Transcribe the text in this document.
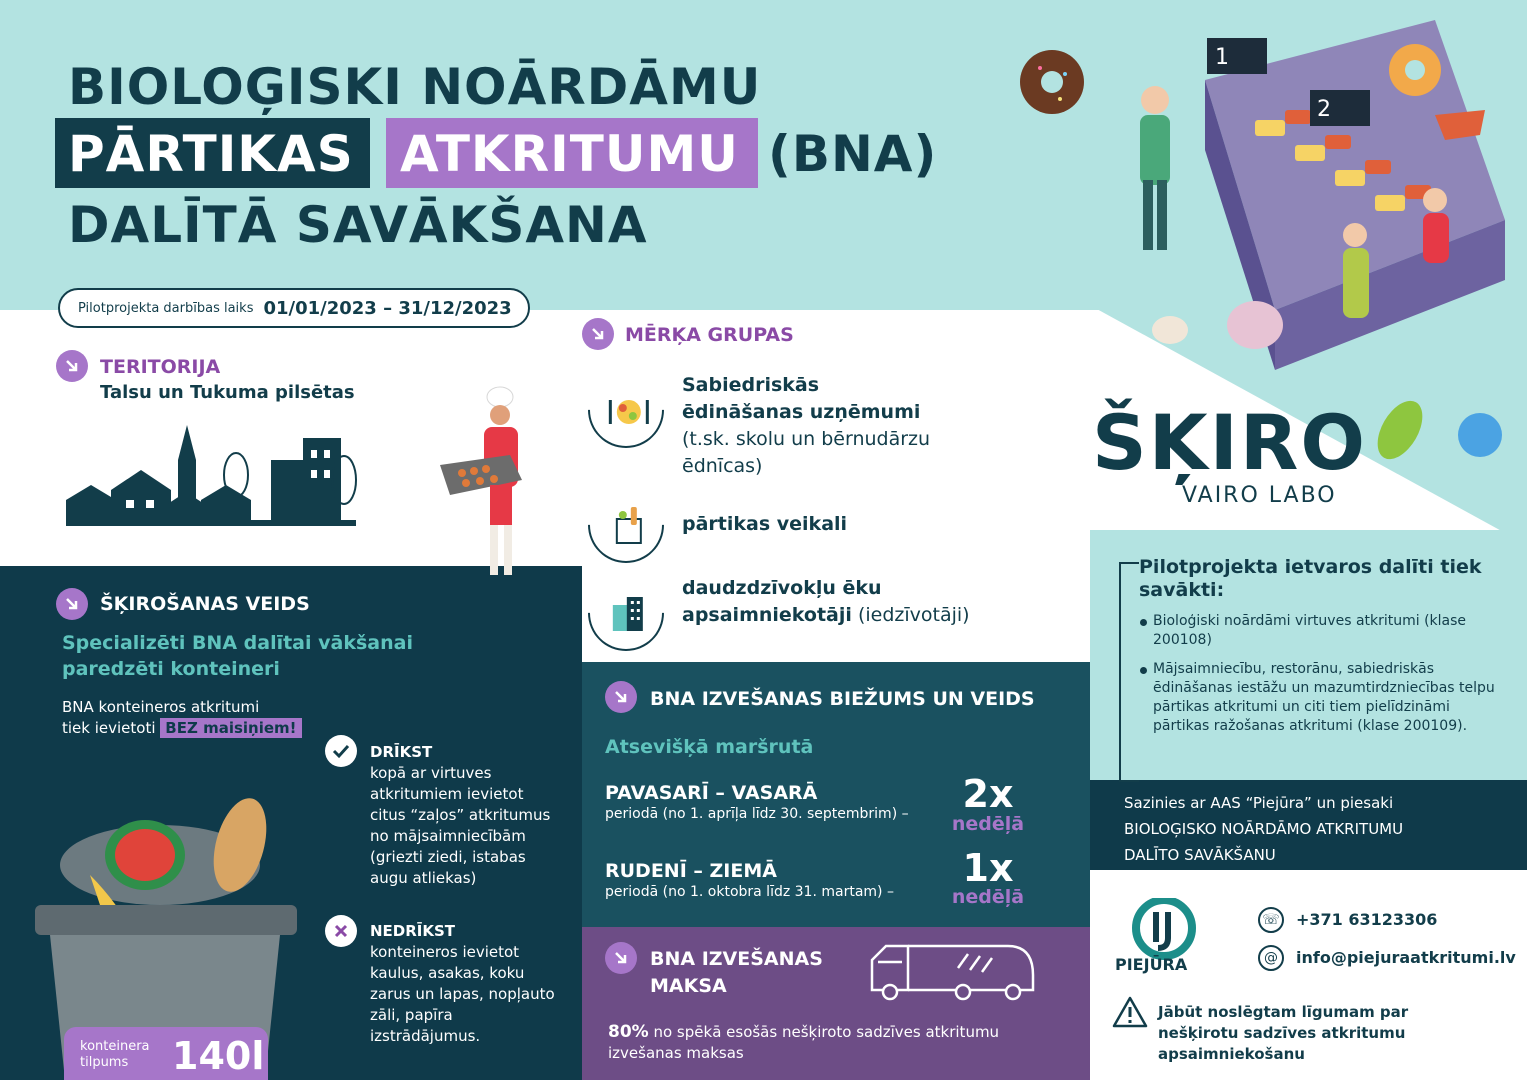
1
2
BIOLOĢISKI NOĀRDĀMU
PĀRTIKAS ATKRITUMU (BNA)
DALĪTĀ SAVĀKŠANA
Pilotprojekta darbības laiks 01/01/2023 – 31/12/2023
TERITORIJA
Talsu un Tukuma pilsētas
MĒRĶA GRUPAS
Sabiedriskās ēdināšanas uzņēmumi
(t.sk. skolu un bērnudārzu ēdnīcas)
pārtikas veikali
daudzdzīvokļu ēku apsaimniekotāji (iedzīvotāji)
ŠĶIRO
VAIRO LABO
ŠĶIROŠANAS VEIDS
Specializēti BNA dalītai vākšanai paredzēti konteineri
BNA konteineros atkritumi
tiek ievietoti BEZ maisiņiem!
DRĪKST
kopā ar virtuves atkritumiem ievietot citus “zaļos” atkritumus no mājsaimniecībām (griezti ziedi, istabas augu atliekas)
NEDRĪKST
konteineros ievietot kaulus, asakas, koku zarus un lapas, nopļauto zāli, papīra izstrādājumus.
konteinera tilpums	140l
BNA IZVEŠANAS BIEŽUMS UN VEIDS
Atsevišķā maršrutā
PAVASARĪ – VASARĀ
periodā (no 1. aprīļa līdz 30. septembrim) –	2x
nedēļā
RUDENĪ – ZIEMĀ
periodā (no 1. oktobra līdz 31. martam) –
1x
nedēļā
BNA IZVEŠANAS MAKSA
80% no spēkā esošās nešķiroto sadzīves atkritumu izvešanas maksas
Pilotprojekta ietvaros dalīti tiek savākti:
Bioloģiski noārdāmi virtuves atkritumi (klase 200108)
Mājsaimniecību, restorānu, sabiedriskās ēdināšanas iestāžu un mazumtirdzniecības telpu pārtikas atkritumi un citi tiem pielīdzināmi pārtikas ražošanas atkritumi (klase 200109).
Sazinies ar AAS “Piejūra” un piesaki
BIOLOĢISKO NOĀRDĀMO ATKRITUMU
DALĪTO SAVĀKŠANU
PIEJŪRA
☏ +371 63123306
@	info@piejuraatkritumi.lv
Jābūt noslēgtam līgumam par nešķirotu sadzīves atkritumu apsaimniekošanu
